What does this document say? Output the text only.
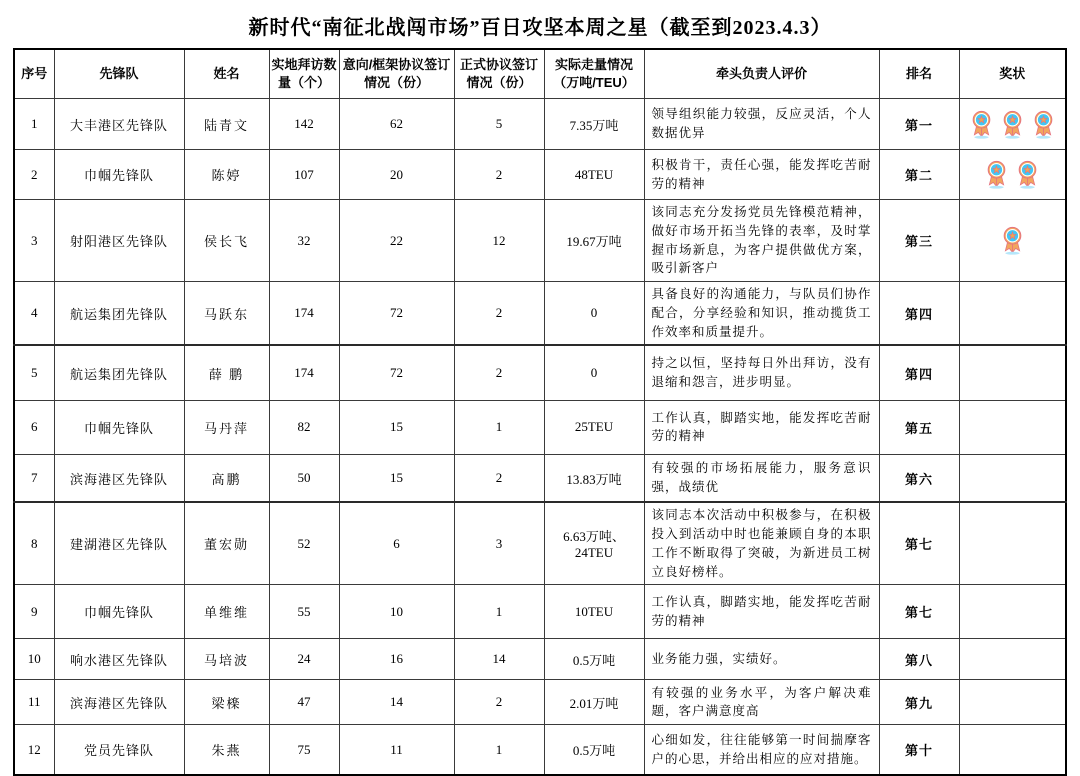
新时代“南征北战闯市场”百日攻坚本周之星（截至到2023.4.3）
序号	先锋队	姓名	实地拜访数量（个）	意向/框架协议签订情况（份）	正式协议签订情况（份）	实际走量情况（万吨/TEU）	牵头负责人评价	排名	奖状
1	大丰港区先锋队	陆青文	142	62	5	7.35万吨	领导组织能力较强，反应灵活，个人数据优异	第一	
2	巾帼先锋队	陈婷	107	20	2	48TEU	积极肯干，责任心强，能发挥吃苦耐劳的精神	第二	
3	射阳港区先锋队	侯长飞	32	22	12	19.67万吨	该同志充分发扬党员先锋模范精神，做好市场开拓当先锋的表率，及时掌握市场新息，为客户提供做优方案，吸引新客户	第三	
4	航运集团先锋队	马跃东	174	72	2	0	具备良好的沟通能力，与队员们协作配合，分享经验和知识，推动揽货工作效率和质量提升。	第四	
5	航运集团先锋队	薛 鹏	174	72	2	0	持之以恒，坚持每日外出拜访，没有退缩和怨言，进步明显。	第四	
6	巾帼先锋队	马丹萍	82	15	1	25TEU	工作认真，脚踏实地，能发挥吃苦耐劳的精神	第五	
7	滨海港区先锋队	高鹏	50	15	2	13.83万吨	有较强的市场拓展能力，服务意识强，战绩优	第六	
8	建湖港区先锋队	董宏勋	52	6	3	6.63万吨、24TEU	该同志本次活动中积极参与，在积极投入到活动中时也能兼顾自身的本职工作不断取得了突破，为新进员工树立良好榜样。	第七	
9	巾帼先锋队	单维维	55	10	1	10TEU	工作认真，脚踏实地，能发挥吃苦耐劳的精神	第七	
10	响水港区先锋队	马培波	24	16	14	0.5万吨	业务能力强，实绩好。	第八	
11	滨海港区先锋队	梁檪	47	14	2	2.01万吨	有较强的业务水平，为客户解决难题，客户满意度高	第九	
12	党员先锋队	朱燕	75	11	1	0.5万吨	心细如发，往往能够第一时间揣摩客户的心思，并给出相应的应对措施。	第十	
